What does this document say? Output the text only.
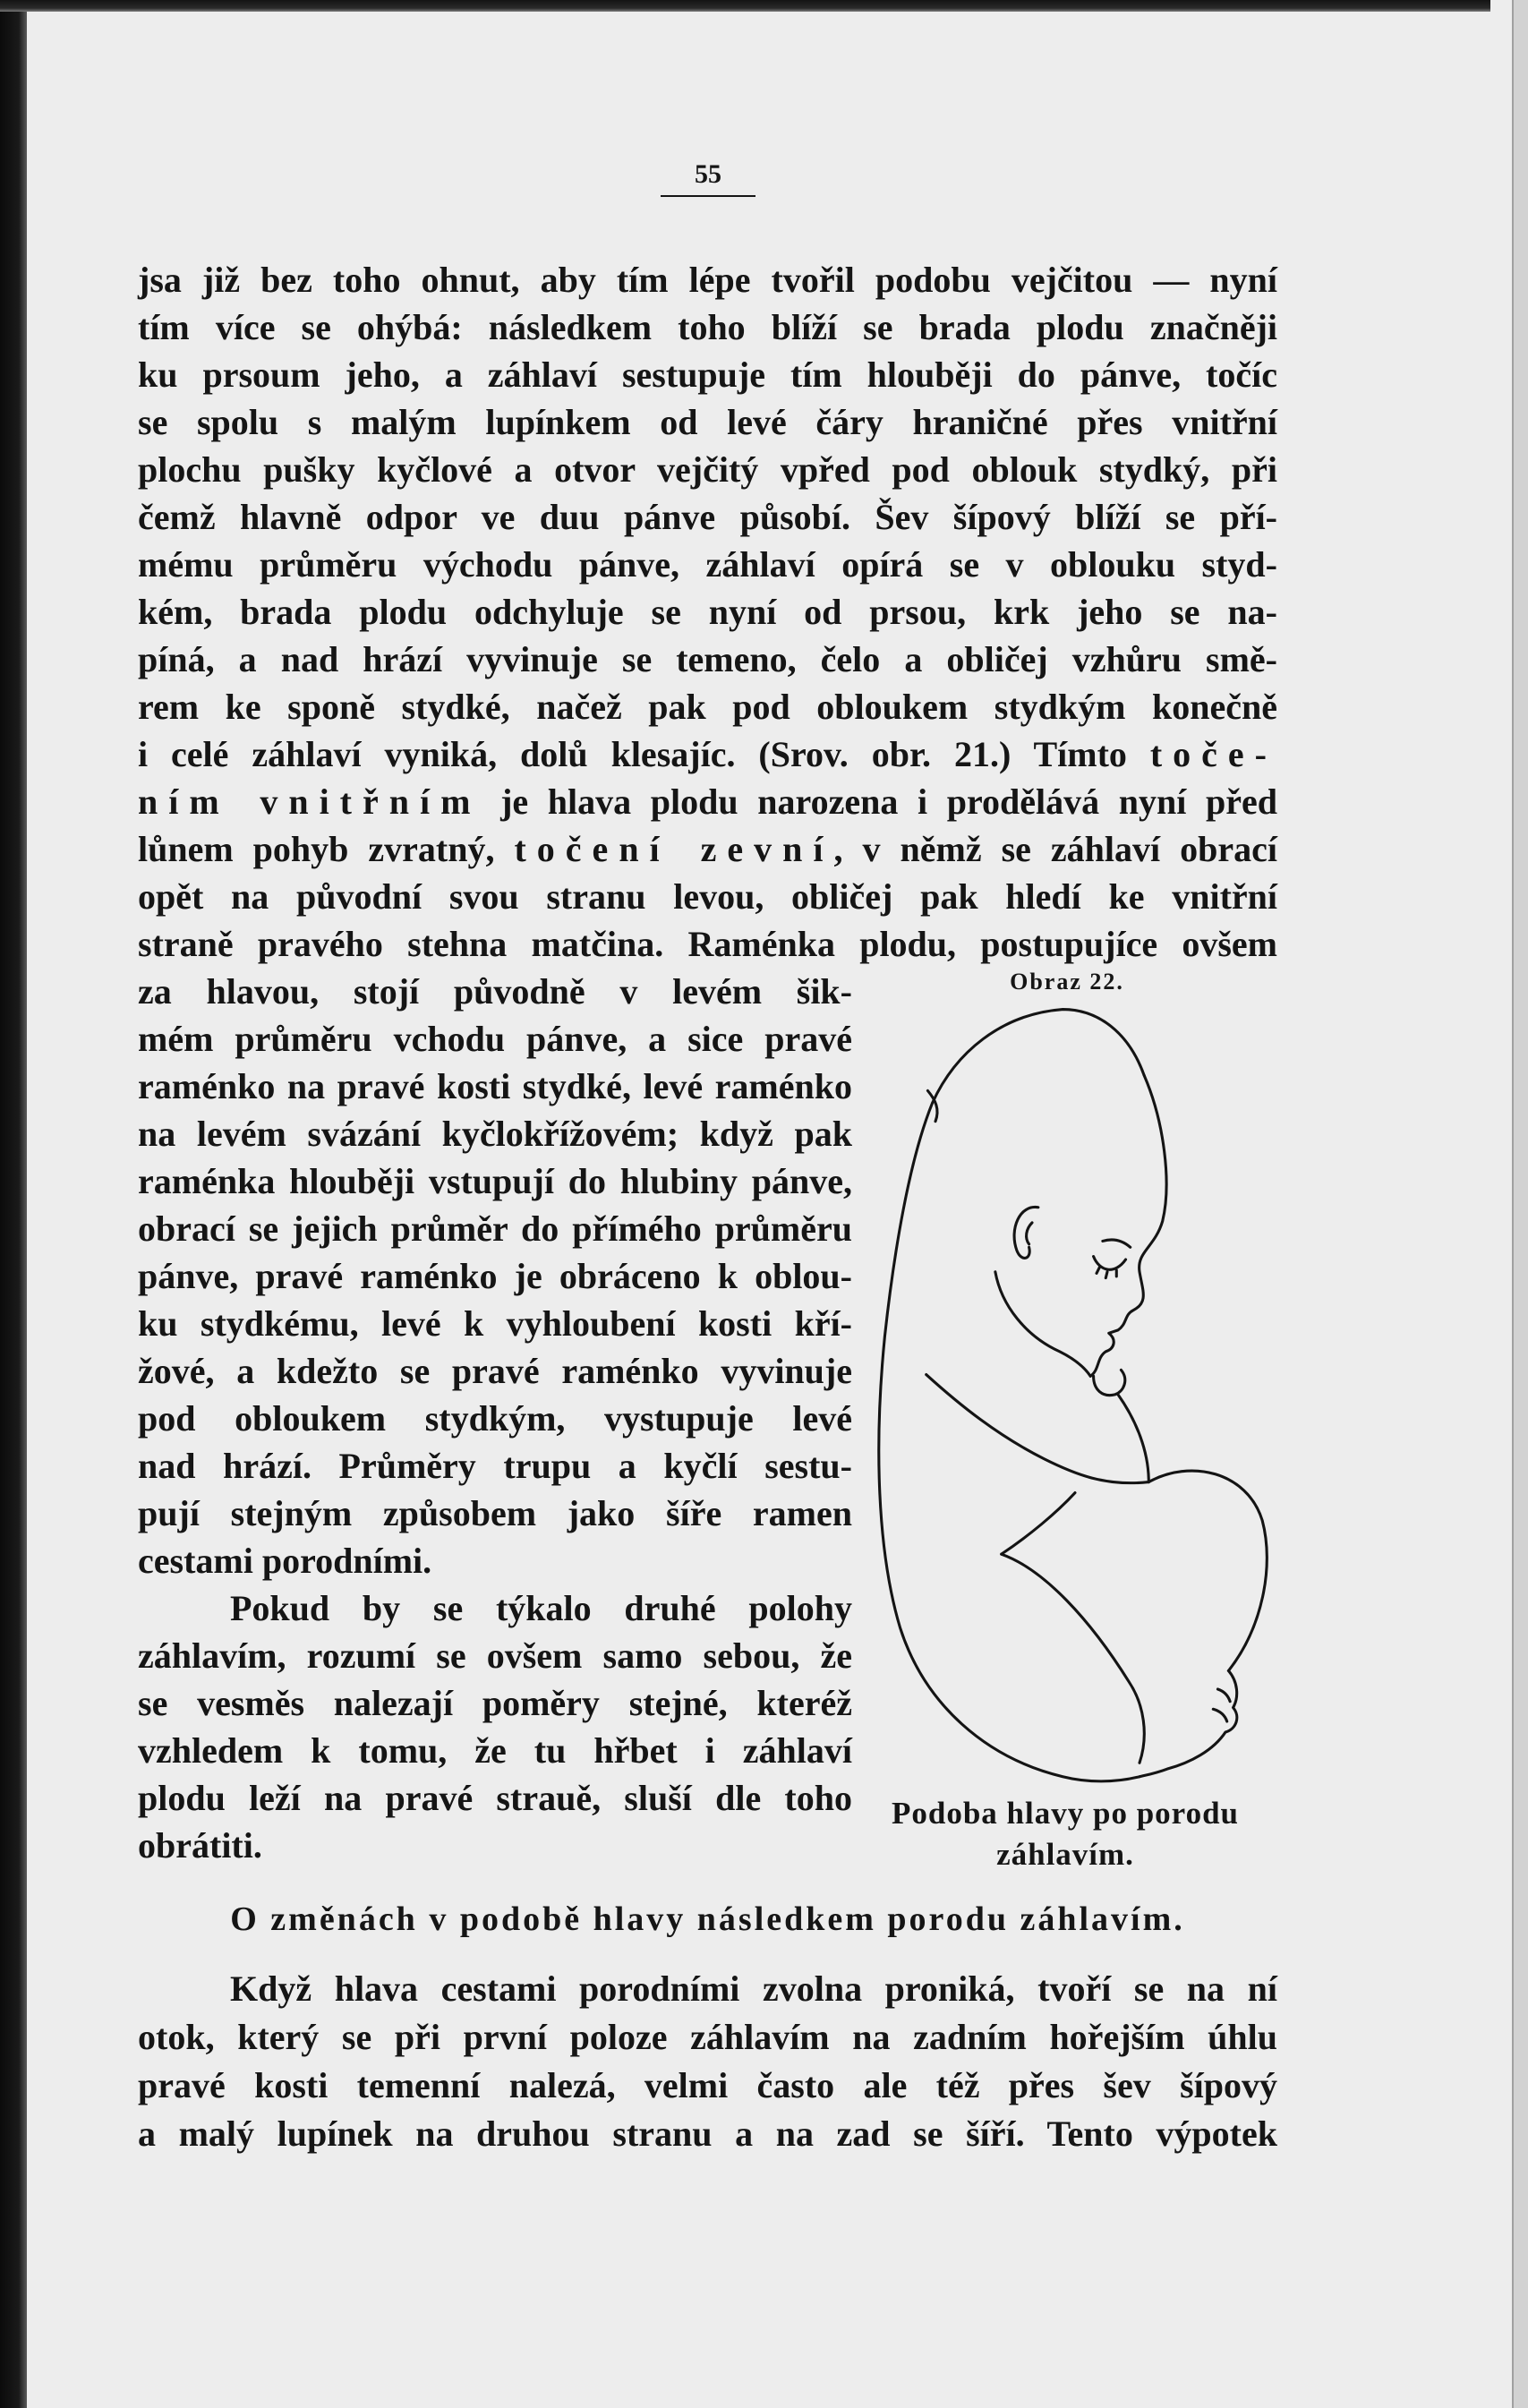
55
jsa již bez toho ohnut, aby tím lépe tvořil podobu vejčitou — nyní
tím více se ohýbá: následkem toho blíží se brada plodu značněji
ku prsoum jeho, a záhlaví sestupuje tím hlouběji do pánve, točíc
se spolu s malým lupínkem od levé čáry hraničné přes vnitřní
plochu pušky kyčlové a otvor vejčitý vpřed pod oblouk stydký, při
čemž hlavně odpor ve duu pánve působí. Šev šípový blíží se pří-
mému průměru východu pánve, záhlaví opírá se v oblouku styd-
kém, brada plodu odchyluje se nyní od prsou, krk jeho se na-
píná, a nad hrází vyvinuje se temeno, čelo a obličej vzhůru smě-
rem ke sponě stydké, načež pak pod obloukem stydkým konečně
i celé záhlaví vyniká, dolů klesajíc. (Srov. obr. 21.) Tímto toče-
ním vnitřním je hlava plodu narozena i prodělává nyní před
lůnem pohyb zvratný, točení zevní, v němž se záhlaví obrací
opět na původní svou stranu levou, obličej pak hledí ke vnitřní
straně pravého stehna matčina. Raménka plodu, postupujíce ovšem
za hlavou, stojí původně v levém šik-
mém průměru vchodu pánve, a sice pravé
raménko na pravé kosti stydké, levé raménko
na levém svázání kyčlokřížovém; když pak
raménka hlouběji vstupují do hlubiny pánve,
obrací se jejich průměr do přímého průměru
pánve, pravé raménko je obráceno k oblou-
ku stydkému, levé k vyhloubení kosti kří-
žové, a kdežto se pravé raménko vyvinuje
pod obloukem stydkým, vystupuje levé
nad hrází. Průměry trupu a kyčlí sestu-
pují stejným způsobem jako šíře ramen
cestami porodními.
Pokud by se týkalo druhé polohy
záhlavím, rozumí se ovšem samo sebou, že
se vesměs nalezají poměry stejné, kteréž
vzhledem k tomu, že tu hřbet i záhlaví
plodu leží na pravé strauě, sluší dle toho
obrátiti.
Obraz 22.
Podoba hlavy po porodu
záhlavím.
O změnách v podobě hlavy následkem porodu záhlavím.
Když hlava cestami porodními zvolna proniká, tvoří se na ní
otok, který se při první poloze záhlavím na zadním hořejším úhlu
pravé kosti temenní nalezá, velmi často ale též přes šev šípový
a malý lupínek na druhou stranu a na zad se šíří. Tento výpotek
